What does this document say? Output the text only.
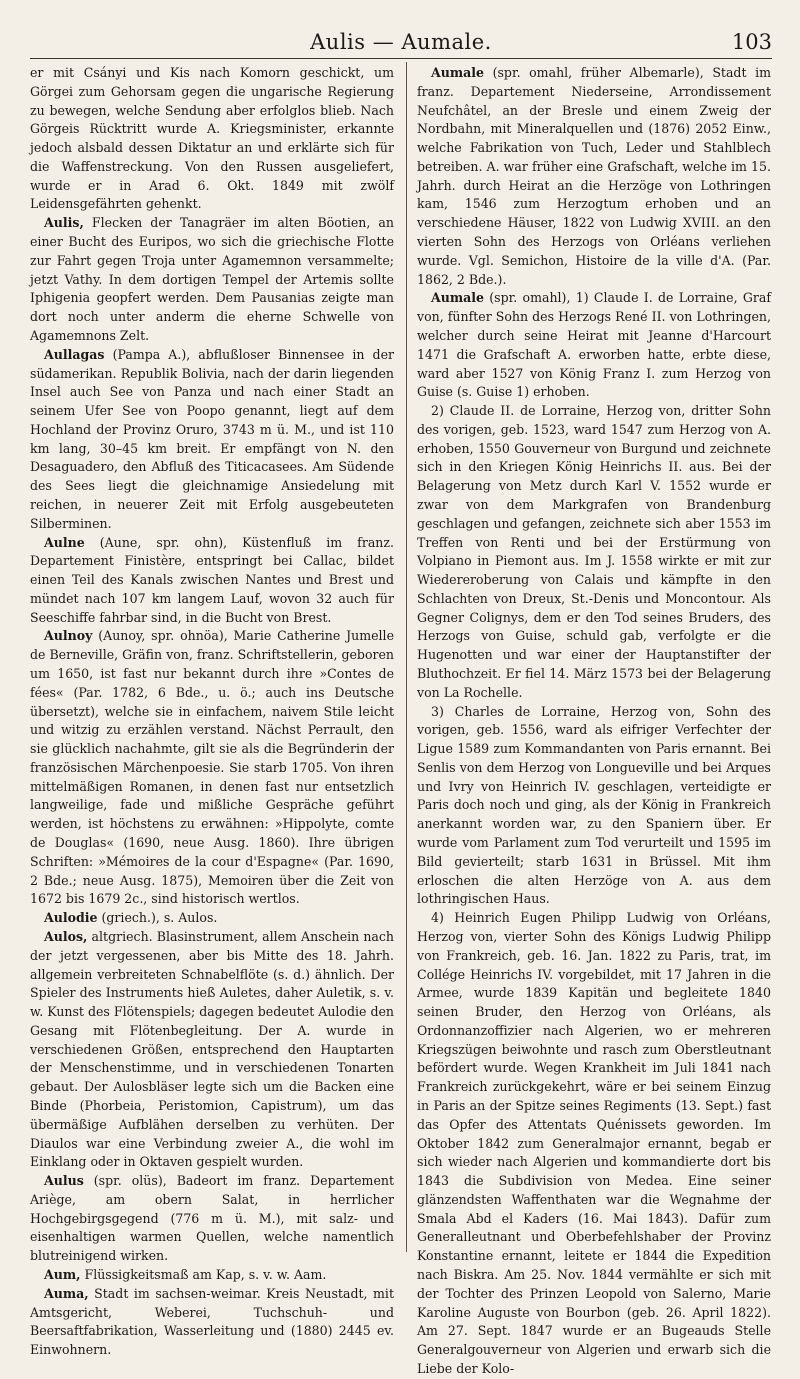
Aulis — Aumale.	103

er mit Csányi und Kis nach Komorn geschickt, um Görgei zum Gehorsam gegen die ungarische Regierung zu bewegen, welche Sendung aber erfolglos blieb. Nach Görgeis Rücktritt wurde A. Kriegsminister, erkannte jedoch alsbald dessen Diktatur an und erklärte sich für die Waffenstreckung. Von den Russen ausgeliefert, wurde er in Arad 6. Okt. 1849 mit zwölf Leidensgefährten gehenkt.

Aulis, Flecken der Tanagräer im alten Böotien, an einer Bucht des Euripos, wo sich die griechische Flotte zur Fahrt gegen Troja unter Agamemnon versammelte; jetzt Vathy. In dem dortigen Tempel der Artemis sollte Iphigenia geopfert werden. Dem Pausanias zeigte man dort noch unter anderm die eherne Schwelle von Agamemnons Zelt.

Aullagas (Pampa A.), abflußloser Binnensee in der südamerikan. Republik Bolivia, nach der darin liegenden Insel auch See von Panza und nach einer Stadt an seinem Ufer See von Poopo genannt, liegt auf dem Hochland der Provinz Oruro, 3743 m ü. M., und ist 110 km lang, 30–45 km breit. Er empfängt von N. den Desaguadero, den Abfluß des Titicacasees. Am Südende des Sees liegt die gleichnamige Ansiedelung mit reichen, in neuerer Zeit mit Erfolg ausgebeuteten Silberminen.

Aulne (Aune, spr. ohn), Küstenfluß im franz. Departement Finistère, entspringt bei Callac, bildet einen Teil des Kanals zwischen Nantes und Brest und mündet nach 107 km langem Lauf, wovon 32 auch für Seeschiffe fahrbar sind, in die Bucht von Brest.

Aulnoy (Aunoy, spr. ohnöa), Marie Catherine Jumelle de Berneville, Gräfin von, franz. Schriftstellerin, geboren um 1650, ist fast nur bekannt durch ihre »Contes de fées« (Par. 1782, 6 Bde., u. ö.; auch ins Deutsche übersetzt), welche sie in einfachem, naivem Stile leicht und witzig zu erzählen verstand. Nächst Perrault, den sie glücklich nachahmte, gilt sie als die Begründerin der französischen Märchenpoesie. Sie starb 1705. Von ihren mittelmäßigen Romanen, in denen fast nur entsetzlich langweilige, fade und mißliche Gespräche geführt werden, ist höchstens zu erwähnen: »Hippolyte, comte de Douglas« (1690, neue Ausg. 1860). Ihre übrigen Schriften: »Mémoires de la cour d'Espagne« (Par. 1690, 2 Bde.; neue Ausg. 1875), Memoiren über die Zeit von 1672 bis 1679 2c., sind historisch wertlos.

Aulodie (griech.), s. Aulos.

Aulos, altgriech. Blasinstrument, allem Anschein nach der jetzt vergessenen, aber bis Mitte des 18. Jahrh. allgemein verbreiteten Schnabelflöte (s. d.) ähnlich. Der Spieler des Instruments hieß Auletes, daher Auletik, s. v. w. Kunst des Flötenspiels; dagegen bedeutet Aulodie den Gesang mit Flötenbegleitung. Der A. wurde in verschiedenen Größen, entsprechend den Hauptarten der Menschenstimme, und in verschiedenen Tonarten gebaut. Der Aulosbläser legte sich um die Backen eine Binde (Phorbeia, Peristomion, Capistrum), um das übermäßige Aufblähen derselben zu verhüten. Der Diaulos war eine Verbindung zweier A., die wohl im Einklang oder in Oktaven gespielt wurden.

Aulus (spr. olüs), Badeort im franz. Departement Ariège, am obern Salat, in herrlicher Hochgebirgsgegend (776 m ü. M.), mit salz- und eisenhaltigen warmen Quellen, welche namentlich blutreinigend wirken.

Aum, Flüssigkeitsmaß am Kap, s. v. w. Aam.

Auma, Stadt im sachsen-weimar. Kreis Neustadt, mit Amtsgericht, Weberei, Tuchschuh- und Beersaftfabrikation, Wasserleitung und (1880) 2445 ev. Einwohnern.

Aumale (spr. omahl, früher Albemarle), Stadt im franz. Departement Niederseine, Arrondissement Neufchâtel, an der Bresle und einem Zweig der Nordbahn, mit Mineralquellen und (1876) 2052 Einw., welche Fabrikation von Tuch, Leder und Stahlblech betreiben. A. war früher eine Grafschaft, welche im 15. Jahrh. durch Heirat an die Herzöge von Lothringen kam, 1546 zum Herzogtum erhoben und an verschiedene Häuser, 1822 von Ludwig XVIII. an den vierten Sohn des Herzogs von Orléans verliehen wurde. Vgl. Semichon, Histoire de la ville d'A. (Par. 1862, 2 Bde.).

Aumale (spr. omahl), 1) Claude I. de Lorraine, Graf von, fünfter Sohn des Herzogs René II. von Lothringen, welcher durch seine Heirat mit Jeanne d'Harcourt 1471 die Grafschaft A. erworben hatte, erbte diese, ward aber 1527 von König Franz I. zum Herzog von Guise (s. Guise 1) erhoben.

2) Claude II. de Lorraine, Herzog von, dritter Sohn des vorigen, geb. 1523, ward 1547 zum Herzog von A. erhoben, 1550 Gouverneur von Burgund und zeichnete sich in den Kriegen König Heinrichs II. aus. Bei der Belagerung von Metz durch Karl V. 1552 wurde er zwar von dem Markgrafen von Brandenburg geschlagen und gefangen, zeichnete sich aber 1553 im Treffen von Renti und bei der Erstürmung von Volpiano in Piemont aus. Im J. 1558 wirkte er mit zur Wiedereroberung von Calais und kämpfte in den Schlachten von Dreux, St.-Denis und Moncontour. Als Gegner Colignys, dem er den Tod seines Bruders, des Herzogs von Guise, schuld gab, verfolgte er die Hugenotten und war einer der Hauptanstifter der Bluthochzeit. Er fiel 14. März 1573 bei der Belagerung von La Rochelle.

3) Charles de Lorraine, Herzog von, Sohn des vorigen, geb. 1556, ward als eifriger Verfechter der Ligue 1589 zum Kommandanten von Paris ernannt. Bei Senlis von dem Herzog von Longueville und bei Arques und Ivry von Heinrich IV. geschlagen, verteidigte er Paris doch noch und ging, als der König in Frankreich anerkannt worden war, zu den Spaniern über. Er wurde vom Parlament zum Tod verurteilt und 1595 im Bild gevierteilt; starb 1631 in Brüssel. Mit ihm erloschen die alten Herzöge von A. aus dem lothringischen Haus.

4) Heinrich Eugen Philipp Ludwig von Orléans, Herzog von, vierter Sohn des Königs Ludwig Philipp von Frankreich, geb. 16. Jan. 1822 zu Paris, trat, im Collége Heinrichs IV. vorgebildet, mit 17 Jahren in die Armee, wurde 1839 Kapitän und begleitete 1840 seinen Bruder, den Herzog von Orléans, als Ordonnanzoffizier nach Algerien, wo er mehreren Kriegszügen beiwohnte und rasch zum Oberstleutnant befördert wurde. Wegen Krankheit im Juli 1841 nach Frankreich zurückgekehrt, wäre er bei seinem Einzug in Paris an der Spitze seines Regiments (13. Sept.) fast das Opfer des Attentats Quénissets geworden. Im Oktober 1842 zum Generalmajor ernannt, begab er sich wieder nach Algerien und kommandierte dort bis 1843 die Subdivision von Medea. Eine seiner glänzendsten Waffenthaten war die Wegnahme der Smala Abd el Kaders (16. Mai 1843). Dafür zum Generalleutnant und Oberbefehlshaber der Provinz Konstantine ernannt, leitete er 1844 die Expedition nach Biskra. Am 25. Nov. 1844 vermählte er sich mit der Tochter des Prinzen Leopold von Salerno, Marie Karoline Auguste von Bourbon (geb. 26. April 1822). Am 27. Sept. 1847 wurde er an Bugeauds Stelle Generalgouverneur von Algerien und erwarb sich die Liebe der Kolo-
